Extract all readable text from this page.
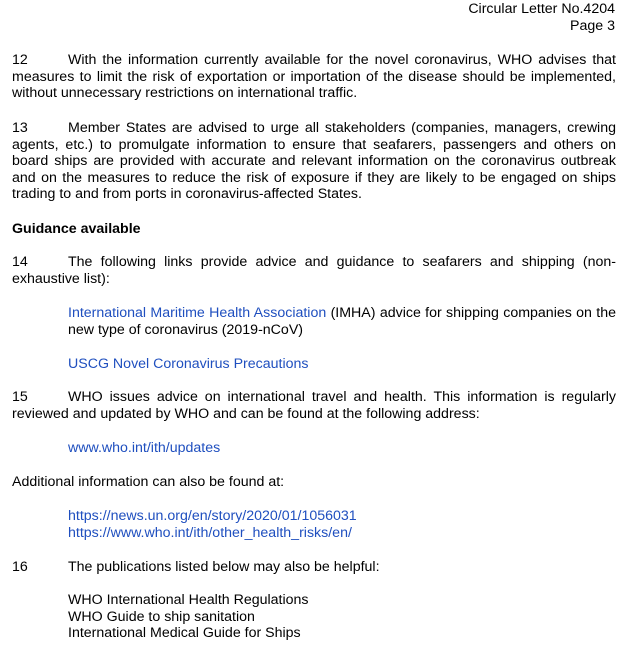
Circular Letter No.4204
Page 3
12	With the information currently available for the novel coronavirus, WHO advises that measures to limit the risk of exportation or importation of the disease should be implemented, without unnecessary restrictions on international traffic.
13	Member States are advised to urge all stakeholders (companies, managers, crewing agents, etc.) to promulgate information to ensure that seafarers, passengers and others on board ships are provided with accurate and relevant information on the coronavirus outbreak and on the measures to reduce the risk of exposure if they are likely to be engaged on ships trading to and from ports in coronavirus-affected States.
Guidance available
14	The following links provide advice and guidance to seafarers and shipping (non-exhaustive list):
International Maritime Health Association (IMHA) advice for shipping companies on the new type of coronavirus (2019-nCoV)
USCG Novel Coronavirus Precautions
15	WHO issues advice on international travel and health. This information is regularly reviewed and updated by WHO and can be found at the following address:
www.who.int/ith/updates
Additional information can also be found at:
https://news.un.org/en/story/2020/01/1056031
https://www.who.int/ith/other_health_risks/en/
16	The publications listed below may also be helpful:
WHO International Health Regulations
WHO Guide to ship sanitation
International Medical Guide for Ships
